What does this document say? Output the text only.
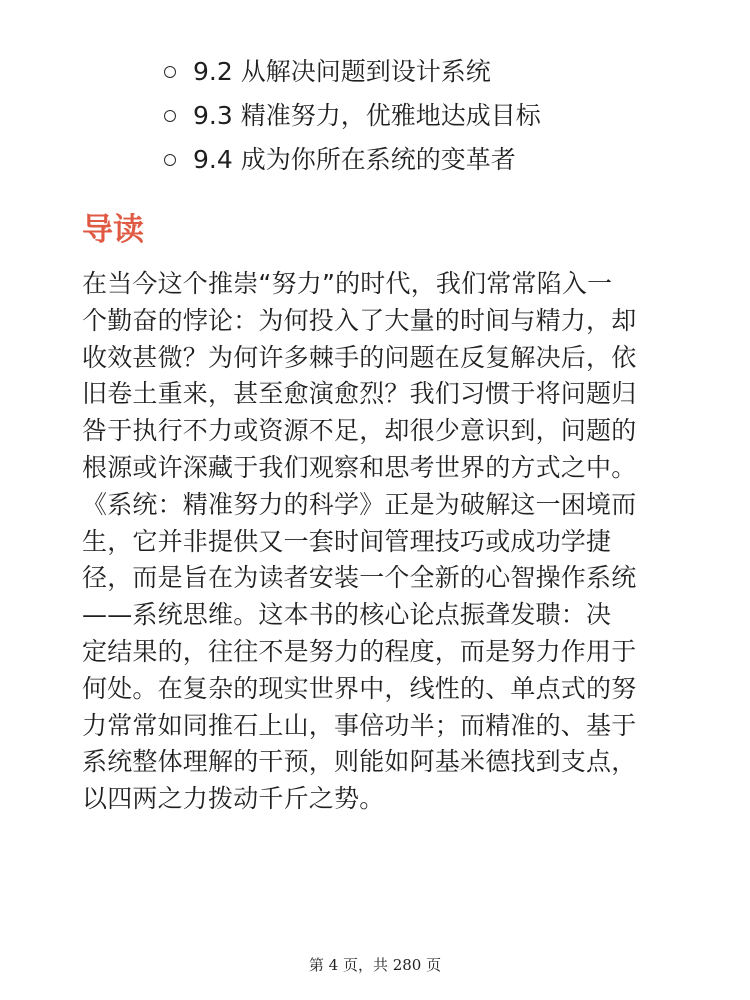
9.2 从解决问题到设计系统
9.3 精准努力，优雅地达成目标
9.4 成为你所在系统的变革者
导读
在当今这个推崇“努力”的时代，我们常常陷入一
个勤奋的悖论：为何投入了大量的时间与精力，却
收效甚微？为何许多棘手的问题在反复解决后，依
旧卷土重来，甚至愈演愈烈？我们习惯于将问题归
咎于执行不力或资源不足，却很少意识到，问题的
根源或许深藏于我们观察和思考世界的方式之中。
《系统：精准努力的科学》正是为破解这一困境而
生，它并非提供又一套时间管理技巧或成功学捷
径，而是旨在为读者安装一个全新的心智操作系统
——系统思维。这本书的核心论点振聋发聩：决
定结果的，往往不是努力的程度，而是努力作用于
何处。在复杂的现实世界中，线性的、单点式的努
力常常如同推石上山，事倍功半；而精准的、基于
系统整体理解的干预，则能如阿基米德找到支点，
以四两之力拨动千斤之势。
第 4 页，共 280 页
